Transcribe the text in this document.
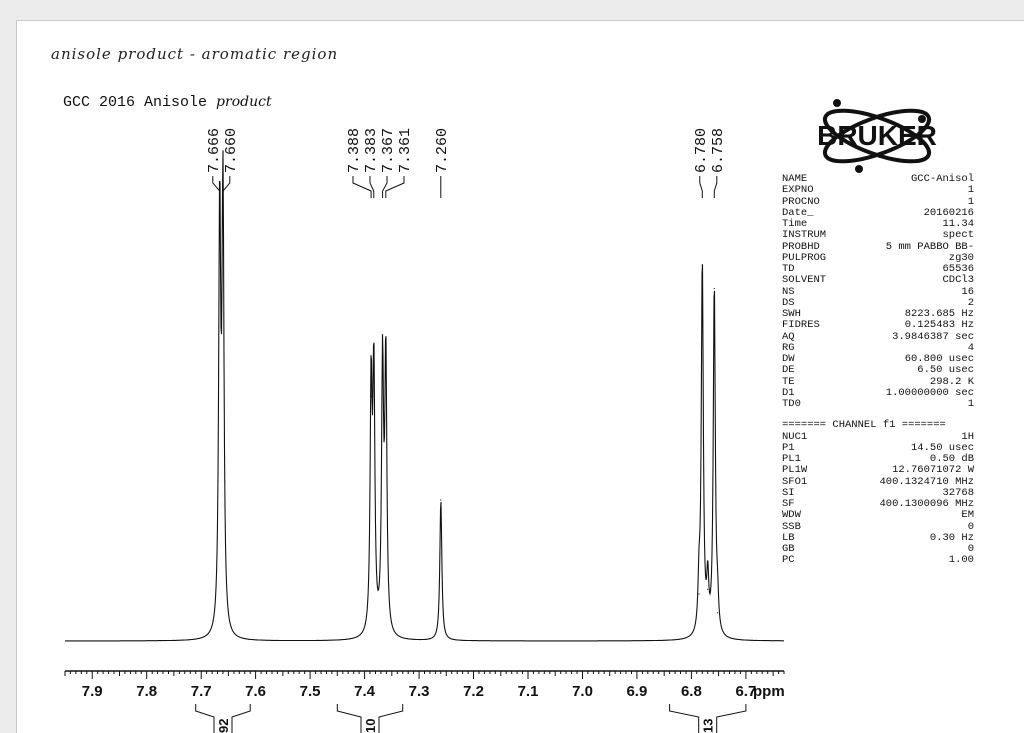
anisole product - aromatic region
GCC 2016 Anisole product
BRUKER
7.9 7.8 7.7 7.6 7.5 7.4 7.3 7.2 7.1 7.0 6.9 6.8 6.7
ppm
7.666 7.660	7.388 7.383 7.367 7.361 7.260	6.780 6.758
92	10	13
NAME	GCC-Anisol
EXPNO	1
PROCNO	1
Date_	20160216
Time	11.34
INSTRUM	spect
PROBHD	5 mm PABBO BB-
PULPROG	zg30
TD	65536
SOLVENT	CDCl3
NS	16
DS	2
SWH	8223.685 Hz
FIDRES	0.125483 Hz
AQ	3.9846387 sec
RG	4
DW	60.800 usec
DE	6.50 usec
TE	298.2 K
D1	1.00000000 sec
TD0	1
======= CHANNEL f1 =======
NUC1	1H
P1	14.50 usec
PL1	0.50 dB
PL1W	12.76071072 W
SFO1	400.1324710 MHz
SI	32768
SF	400.1300096 MHz
WDW	EM
SSB	0
LB	0.30 Hz
GB	0
PC	1.00
